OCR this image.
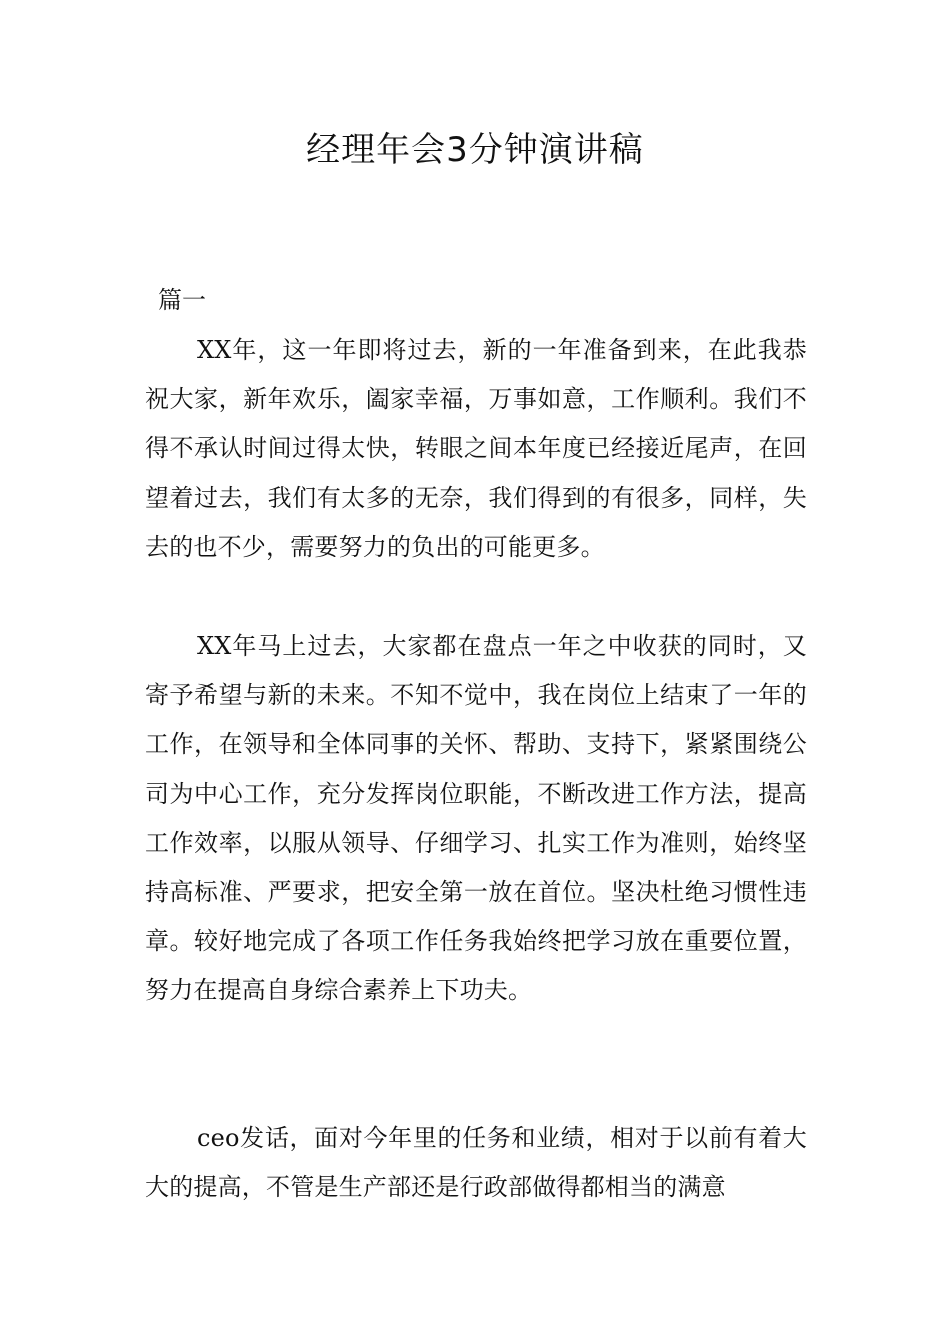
经理年会3分钟演讲稿

篇一

XX年，这一年即将过去，新的一年准备到来，在此我恭祝大家，新年欢乐，阖家幸福，万事如意，工作顺利。我们不得不承认时间过得太快，转眼之间本年度已经接近尾声，在回望着过去，我们有太多的无奈，我们得到的有很多，同样，失去的也不少，需要努力的负出的可能更多。

XX年马上过去，大家都在盘点一年之中收获的同时，又寄予希望与新的未来。不知不觉中，我在岗位上结束了一年的工作，在领导和全体同事的关怀、帮助、支持下，紧紧围绕公司为中心工作，充分发挥岗位职能，不断改进工作方法，提高工作效率，以服从领导、仔细学习、扎实工作为准则，始终坚持高标准、严要求，把安全第一放在首位。坚决杜绝习惯性违章。较好地完成了各项工作任务我始终把学习放在重要位置，努力在提高自身综合素养上下功夫。

ceo发话，面对今年里的任务和业绩，相对于以前有着大大的提高，不管是生产部还是行政部做得都相当的满意
